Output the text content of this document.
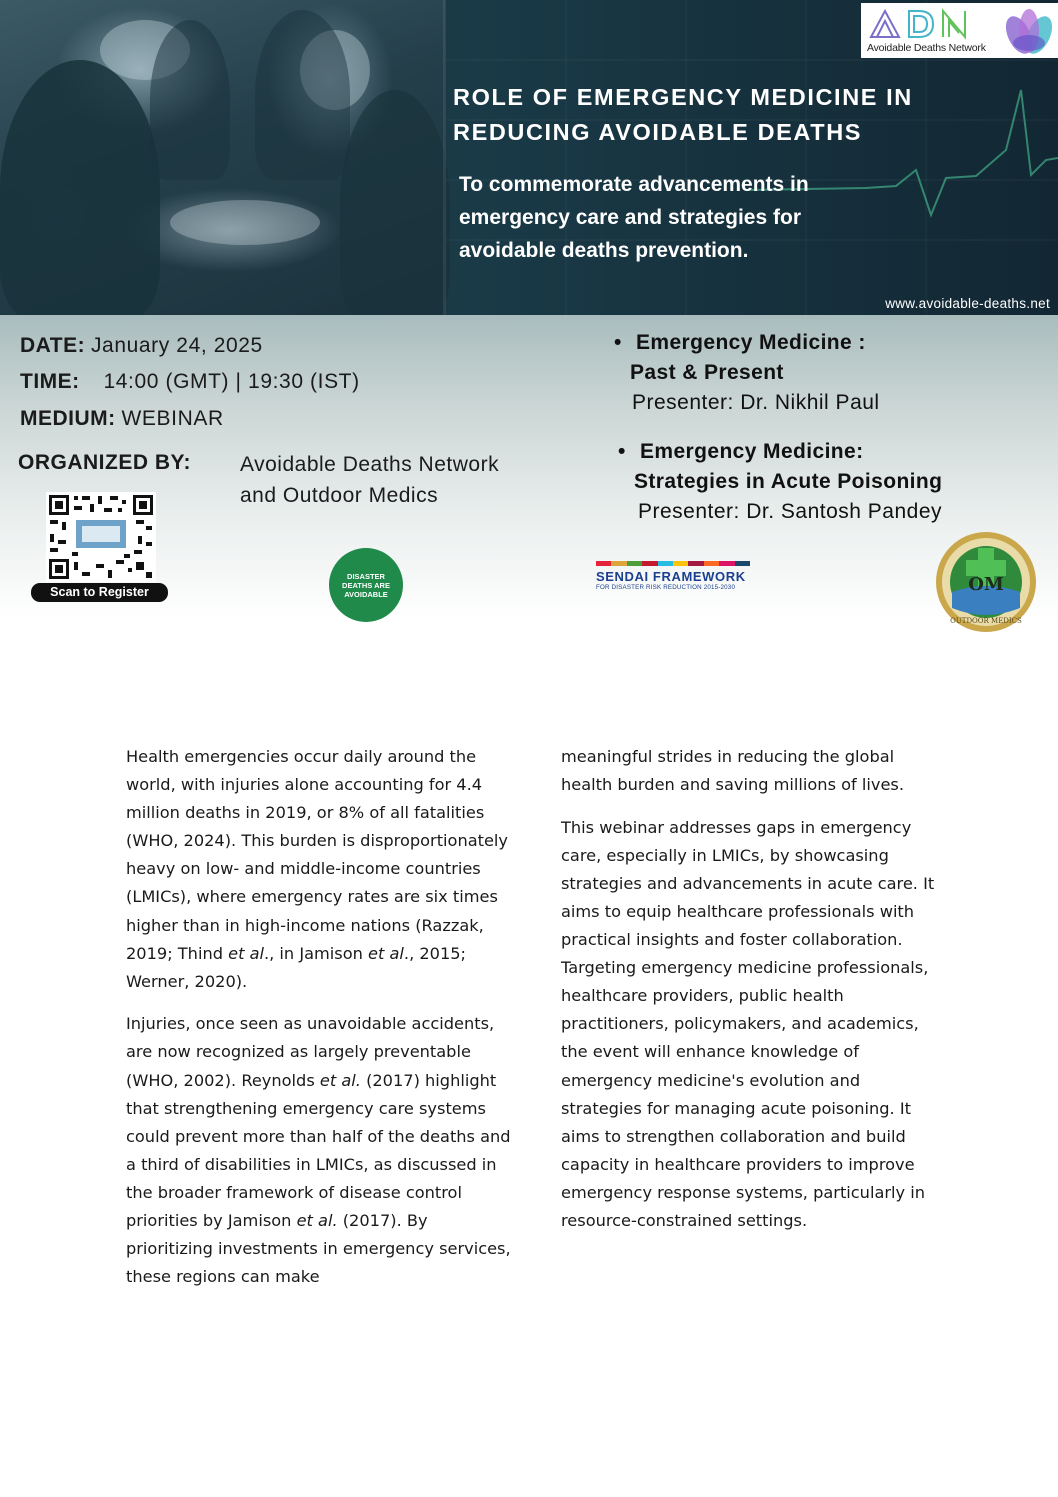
Avoidable Deaths Network
ROLE OF EMERGENCY MEDICINE IN
REDUCING AVOIDABLE DEATHS

To commemorate advancements in
emergency care and strategies for
avoidable deaths prevention.

www.avoidable-deaths.net
DATE: January 24, 2025
TIME: 14:00 (GMT) | 19:30 (IST)
MEDIUM: WEBINAR
ORGANIZED BY: Avoidable Deaths Network
and Outdoor Medics
• Emergency Medicine :
Past & Present
Presenter: Dr. Nikhil Paul
• Emergency Medicine:
Strategies in Acute Poisoning
Presenter: Dr. Santosh Pandey
Scan to Register
DISASTER DEATHS ARE AVOIDABLE
SENDAI FRAMEWORK
FOR DISASTER RISK REDUCTION 2015-2030	OM
OUTDOOR MEDICS

Health emergencies occur daily around the world, with injuries alone accounting for 4.4 million deaths in 2019, or 8% of all fatalities (WHO, 2024). This burden is disproportionately heavy on low- and middle-income countries (LMICs), where emergency rates are six times higher than in high-income nations (Razzak, 2019; Thind et al., in Jamison et al., 2015; Werner, 2020).

Injuries, once seen as unavoidable accidents, are now recognized as largely preventable (WHO, 2002). Reynolds et al. (2017) highlight that strengthening emergency care systems could prevent more than half of the deaths and a third of disabilities in LMICs, as discussed in the broader framework of disease control priorities by Jamison et al. (2017). By prioritizing investments in emergency services, these regions can make

meaningful strides in reducing the global health burden and saving millions of lives.

This webinar addresses gaps in emergency care, especially in LMICs, by showcasing strategies and advancements in acute care. It aims to equip healthcare professionals with practical insights and foster collaboration. Targeting emergency medicine professionals, healthcare providers, public health practitioners, policymakers, and academics, the event will enhance knowledge of emergency medicine's evolution and strategies for managing acute poisoning. It aims to strengthen collaboration and build capacity in healthcare providers to improve emergency response systems, particularly in resource-constrained settings.
